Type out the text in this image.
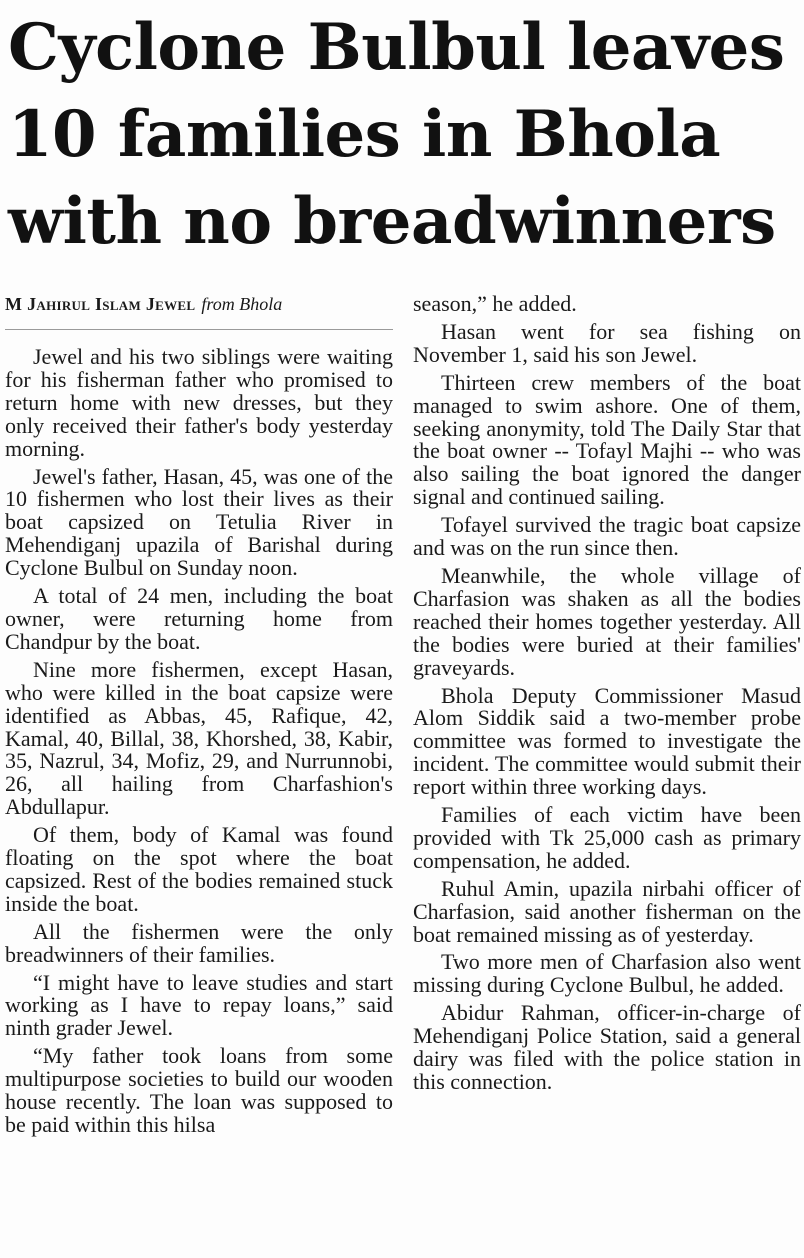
Cyclone Bulbul leaves
10 families in Bhola
with no breadwinners
M Jahirul Islam Jewel from Bhola

Jewel and his two siblings were waiting for his fisherman father who promised to return home with new dresses, but they only received their father's body yesterday morning.

Jewel's father, Hasan, 45, was one of the 10 fishermen who lost their lives as their boat capsized on Tetulia River in Mehendiganj upazila of Barishal during Cyclone Bulbul on Sunday noon.

A total of 24 men, including the boat owner, were returning home from Chandpur by the boat.

Nine more fishermen, except Hasan, who were killed in the boat capsize were identified as Abbas, 45, Rafique, 42, Kamal, 40, Billal, 38, Khorshed, 38, Kabir, 35, Nazrul, 34, Mofiz, 29, and Nurrunnobi, 26, all hailing from Charfashion's Abdullapur.

Of them, body of Kamal was found floating on the spot where the boat capsized. Rest of the bodies remained stuck inside the boat.

All the fishermen were the only breadwinners of their families.

“I might have to leave studies and start working as I have to repay loans,” said ninth grader Jewel.

“My father took loans from some multipurpose societies to build our wooden house recently. The loan was supposed to be paid within this hilsa

season,” he added.

Hasan went for sea fishing on November 1, said his son Jewel.

Thirteen crew members of the boat managed to swim ashore. One of them, seeking anonymity, told The Daily Star that the boat owner -- Tofayl Majhi -- who was also sailing the boat ignored the danger signal and continued sailing.

Tofayel survived the tragic boat capsize and was on the run since then.

Meanwhile, the whole village of Charfasion was shaken as all the bodies reached their homes together yesterday. All the bodies were buried at their families' graveyards.

Bhola Deputy Commissioner Masud Alom Siddik said a two-member probe committee was formed to investigate the incident. The committee would submit their report within three working days.

Families of each victim have been provided with Tk 25,000 cash as primary compensation, he added.

Ruhul Amin, upazila nirbahi officer of Charfasion, said another fisherman on the boat remained missing as of yesterday.

Two more men of Charfasion also went missing during Cyclone Bulbul, he added.

Abidur Rahman, officer-in-charge of Mehendiganj Police Station, said a general dairy was filed with the police station in this connection.
